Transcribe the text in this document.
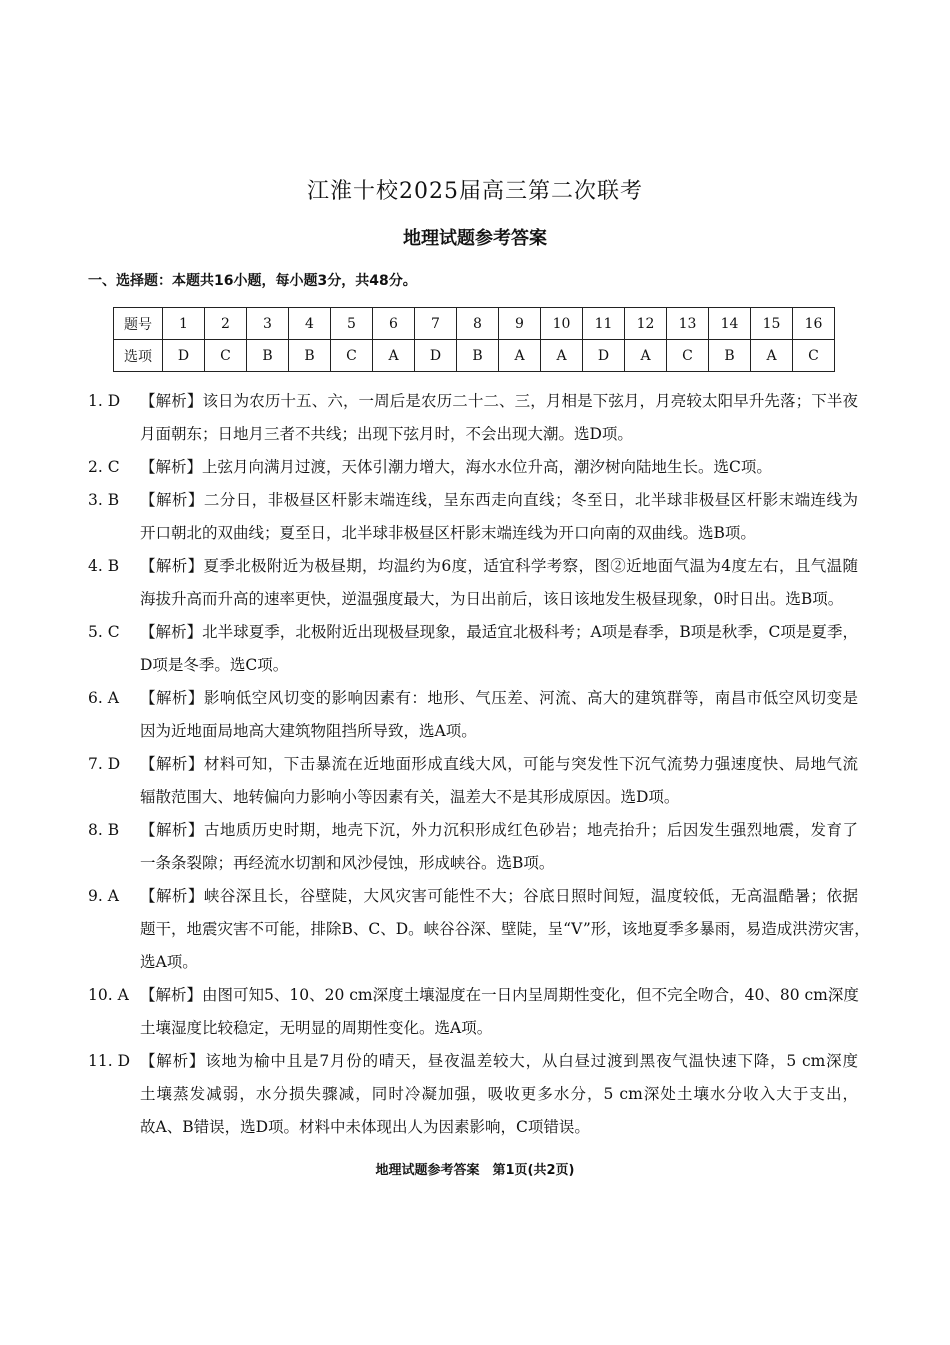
江淮十校2025届高三第二次联考
地理试题参考答案
一、选择题：本题共16小题，每小题3分，共48分。
题号	1	2	3	4	5	6	7	8	9	10	11	12	13	14	15	16
选项	D	C	B	B	C	A	D	B	A	A	D	A	C	B	A	C
1. D 【解析】该日为农历十五、六，一周后是农历二十二、三，月相是下弦月，月亮较太阳早升先落；下半夜
月面朝东；日地月三者不共线；出现下弦月时，不会出现大潮。选D项。
2. C 【解析】上弦月向满月过渡，天体引潮力增大，海水水位升高，潮汐树向陆地生长。选C项。
3. B 【解析】二分日，非极昼区杆影末端连线，呈东西走向直线；冬至日，北半球非极昼区杆影末端连线为
开口朝北的双曲线；夏至日，北半球非极昼区杆影末端连线为开口向南的双曲线。选B项。
4. B 【解析】夏季北极附近为极昼期，均温约为6度，适宜科学考察，图②近地面气温为4度左右，且气温随
海拔升高而升高的速率更快，逆温强度最大，为日出前后，该日该地发生极昼现象，0时日出。选B项。
5. C 【解析】北半球夏季，北极附近出现极昼现象，最适宜北极科考；A项是春季，B项是秋季，C项是夏季，
D项是冬季。选C项。
6. A 【解析】影响低空风切变的影响因素有：地形、气压差、河流、高大的建筑群等，南昌市低空风切变是
因为近地面局地高大建筑物阻挡所导致，选A项。
7. D 【解析】材料可知，下击暴流在近地面形成直线大风，可能与突发性下沉气流势力强速度快、局地气流
辐散范围大、地转偏向力影响小等因素有关，温差大不是其形成原因。选D项。
8. B 【解析】古地质历史时期，地壳下沉，外力沉积形成红色砂岩；地壳抬升；后因发生强烈地震，发育了
一条条裂隙；再经流水切割和风沙侵蚀，形成峡谷。选B项。
9. A 【解析】峡谷深且长，谷壁陡，大风灾害可能性不大；谷底日照时间短，温度较低，无高温酷暑；依据
题干，地震灾害不可能，排除B、C、D。峡谷谷深、壁陡，呈“V”形，该地夏季多暴雨，易造成洪涝灾害，
选A项。
10. A 【解析】由图可知5、10、20 cm深度土壤湿度在一日内呈周期性变化，但不完全吻合，40、80 cm深度
土壤湿度比较稳定，无明显的周期性变化。选A项。
11. D 【解析】该地为榆中且是7月份的晴天，昼夜温差较大，从白昼过渡到黑夜气温快速下降，5 cm深度
土壤蒸发减弱，水分损失骤减，同时冷凝加强，吸收更多水分，5 cm深处土壤水分收入大于支出，
故A、B错误，选D项。材料中未体现出人为因素影响，C项错误。
地理试题参考答案　第1页(共2页)
